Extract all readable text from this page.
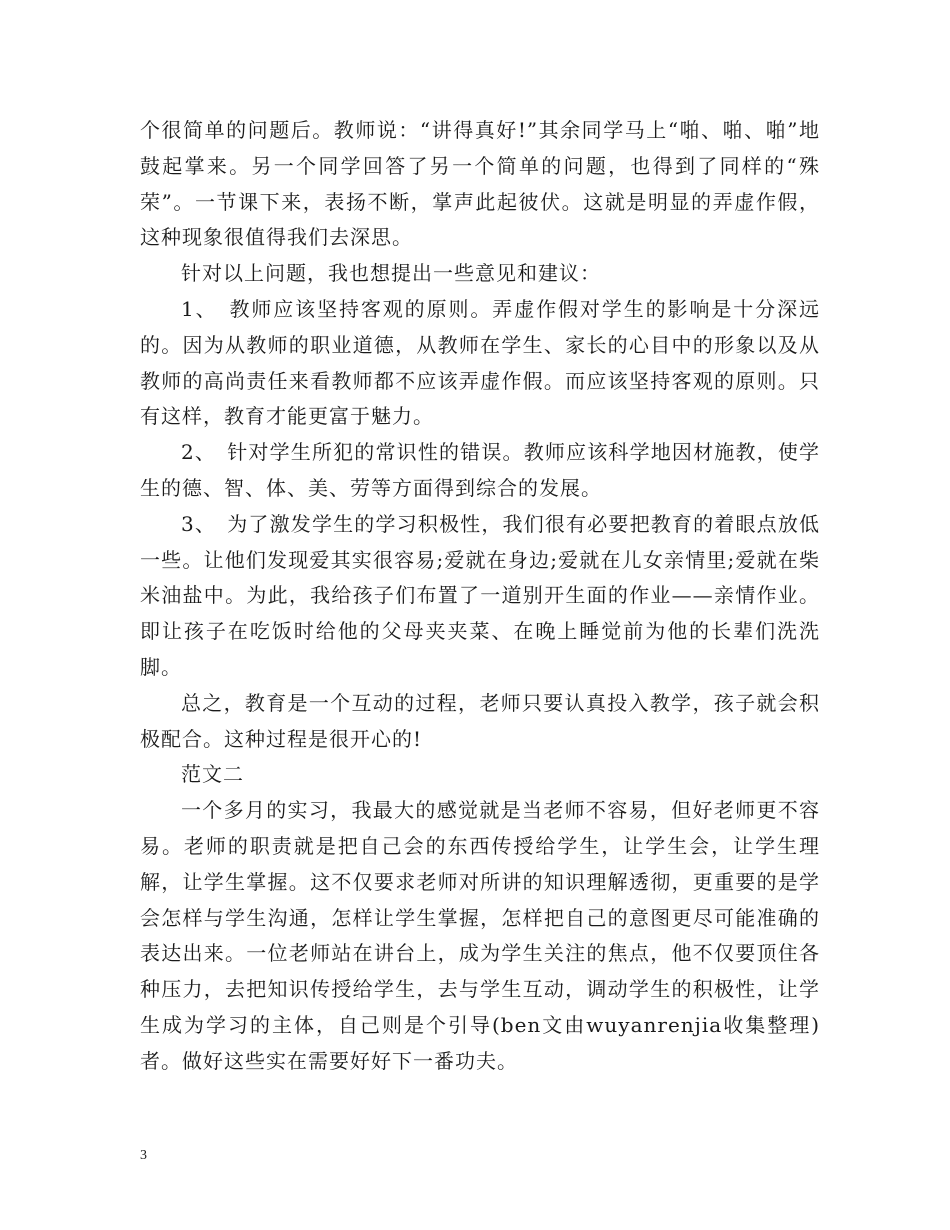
个很简单的问题后。教师说：“讲得真好!”其余同学马上“啪、啪、啪”地鼓起掌来。另一个同学回答了另一个简单的问题，也得到了同样的“殊荣”。一节课下来，表扬不断，掌声此起彼伏。这就是明显的弄虚作假，这种现象很值得我们去深思。

针对以上问题，我也想提出一些意见和建议：

1、　教师应该坚持客观的原则。弄虚作假对学生的影响是十分深远的。因为从教师的职业道德，从教师在学生、家长的心目中的形象以及从教师的高尚责任来看教师都不应该弄虚作假。而应该坚持客观的原则。只有这样，教育才能更富于魅力。

2、　针对学生所犯的常识性的错误。教师应该科学地因材施教，使学生的德、智、体、美、劳等方面得到综合的发展。

3、　为了激发学生的学习积极性，我们很有必要把教育的着眼点放低一些。让他们发现爱其实很容易;爱就在身边;爱就在儿女亲情里;爱就在柴米油盐中。为此，我给孩子们布置了一道别开生面的作业——亲情作业。即让孩子在吃饭时给他的父母夹夹菜、在晚上睡觉前为他的长辈们洗洗脚。

总之，教育是一个互动的过程，老师只要认真投入教学，孩子就会积极配合。这种过程是很开心的!

范文二

一个多月的实习，我最大的感觉就是当老师不容易，但好老师更不容易。老师的职责就是把自己会的东西传授给学生，让学生会，让学生理解，让学生掌握。这不仅要求老师对所讲的知识理解透彻，更重要的是学会怎样与学生沟通，怎样让学生掌握，怎样把自己的意图更尽可能准确的表达出来。一位老师站在讲台上，成为学生关注的焦点，他不仅要顶住各种压力，去把知识传授给学生，去与学生互动，调动学生的积极性，让学生成为学习的主体，自己则是个引导(ben文由wuyanrenjia收集整理)者。做好这些实在需要好好下一番功夫。

3
